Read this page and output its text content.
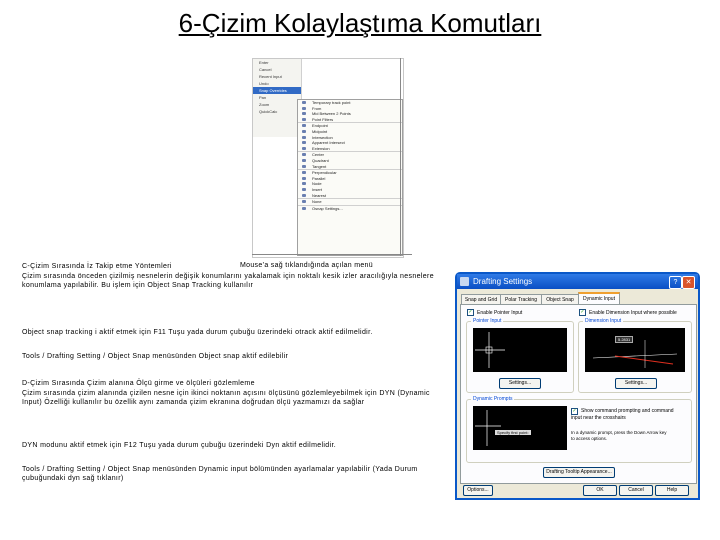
6-Çizim Kolaylaştıma Komutları
Enter
Cancel
Recent Input
Undo
Snap Overrides
Pan
Zoom
QuickCalc
Temporary track point
From
Mid Between 2 Points
Point Filters
Endpoint
Midpoint
Intersection
Apparent Intersect
Extension
Center
Quadrant
Tangent
Perpendicular
Parallel
Node
Insert
Nearest
None
Osnap Settings...
Mouse’a sağ tıklandığında açılan menü

C-Çizim Sırasında İz Takip etme Yöntemleri

Çizim sırasında önceden çizilmiş nesnelerin değişik konumlarını yakalamak için noktalı kesik izler aracılığıyla nesnelere konumlama yapılabilir. Bu işlem için Object Snap Tracking kullanılır

Object snap tracking i aktif etmek için F11 Tuşu yada durum çubuğu üzerindeki otrack aktif edilmelidir.

Tools / Drafting Setting / Object Snap menüsünden Object snap aktif edilebilir

D-Çizim Sırasında Çizim alanına Ölçü girme ve ölçüleri gözlemleme

Çizim sırasında çizim alanında çizilen nesne için ikinci noktanın açısını ölçüsünü gözlemleyebilmek için DYN (Dynamic Input) Özelliği kullanılır bu özellik aynı zamanda çizim ekranına doğrudan ölçü yazmamızı da sağlar

DYN modunu aktif etmek için F12 Tuşu yada durum çubuğu üzerindeki Dyn aktif edilmelidir.

Tools / Drafting Setting / Object Snap menüsünden Dynamic input bölümünden ayarlamalar yapılabilir (Yada Durum çubuğundaki dyn sağ tıklanır)

Drafting Settings	?	✕
Snap and Grid	Polar Tracking	Object Snap	Dynamic Input
✓ Enable Pointer Input	✓ Enable Dimension Input where possible
Pointer Input
Settings...
Dimension Input
5.2831
Settings...
Dynamic Prompts
Specify first point:
✓ Show command prompting and command input near the crosshairs
In a dynamic prompt, press the Down Arrow key to access options.
Drafting Tooltip Appearance...
Options...	OK	Cancel	Help
